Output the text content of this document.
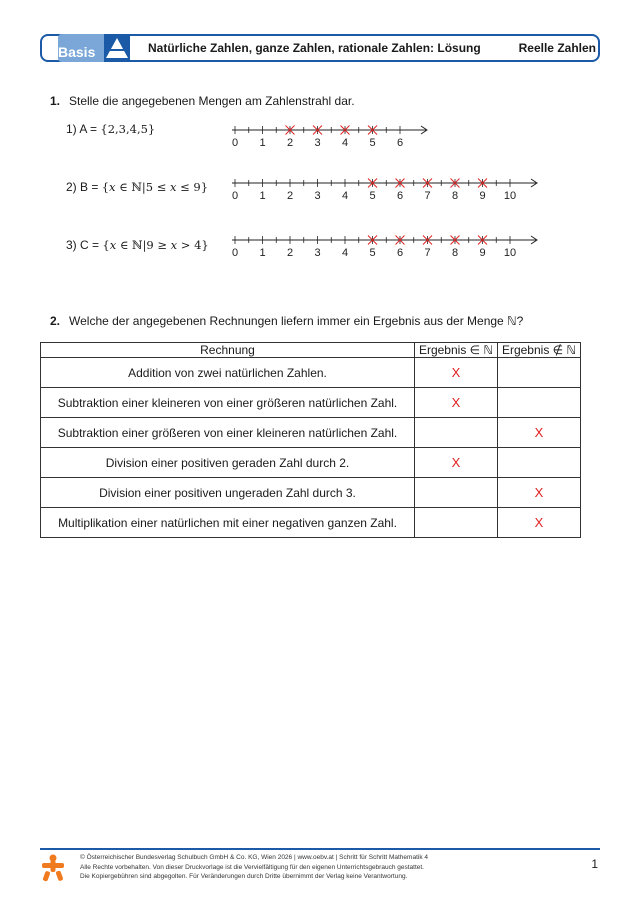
Basis	Natürliche Zahlen, ganze Zahlen, rationale Zahlen: Lösung	Reelle Zahlen
1. Stelle die angegebenen Mengen am Zahlenstrahl dar.
1) A = {2,3,4,5}
2) B = {𝑥 ∈ ℕ|5 ≤ 𝑥 ≤ 9}
3) C = {𝑥 ∈ ℕ|9 ≥ 𝑥 > 4}
0 1 2 3 4 5 6
0 1 2 3 4 5 6 7 8 9 10
0 1 2 3 4 5 6 7 8 9 10
2. Welche der angegebenen Rechnungen liefern immer ein Ergebnis aus der Menge ℕ?
Rechnung	Ergebnis ∈ ℕ	Ergebnis ∉ ℕ
Addition von zwei natürlichen Zahlen.	X	
Subtraktion einer kleineren von einer größeren natürlichen Zahl.	X	
Subtraktion einer größeren von einer kleineren natürlichen Zahl.		X
Division einer positiven geraden Zahl durch 2.	X	
Division einer positiven ungeraden Zahl durch 3.		X
Multiplikation einer natürlichen mit einer negativen ganzen Zahl.		X
© Österreichischer Bundesverlag Schulbuch GmbH & Co. KG, Wien 2026 | www.oebv.at | Schritt für Schritt Mathematik 4
Alle Rechte vorbehalten. Von dieser Druckvorlage ist die Vervielfältigung für den eigenen Unterrichtsgebrauch gestattet.
Die Kopiergebühren sind abgegolten. Für Veränderungen durch Dritte übernimmt der Verlag keine Verantwortung.
1
